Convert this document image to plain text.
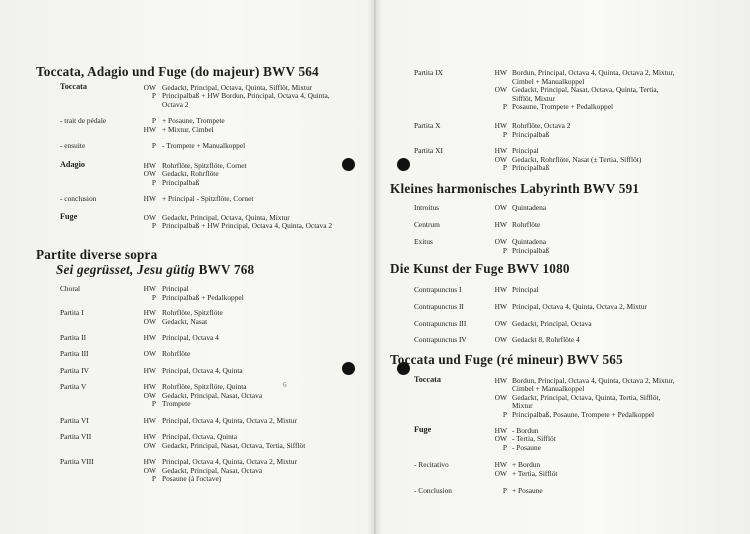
6
Toccata, Adagio und Fuge (do majeur) BWV 564
Partite diverse sopra
Sei gegrüsset, Jesu gütig BWV 768
Toccata	OW Gedackt, Principal, Octava, Quinta, Sifflöt, Mixtur
P Principalbaß + HW Bordun, Principal, Octava 4, Quinta,
Octava 2
- trait de pédale	P + Posaune, Trompete
HW + Mixtur, Cimbel
- ensuite	P - Trompete + Manualkoppel
Adagio	HW Rohrflöte, Spitzflöte, Cornet
OW Gedackt, Rohrflöte
P Principalbaß
- conclusion	HW + Principal - Spitzflöte, Cornet
Fuge	OW Gedackt, Principal, Octava, Quinta, Mixtur
P Principalbaß + HW Principal, Octava 4, Quinta, Octava 2
Choral	HW Principal
P Principalbaß + Pedalkoppel
Partita I	HW Rohrflöte, Spitzflöte
OW Gedackt, Nasat
Partita II	HW Principal, Octava 4
Partita III	OW Rohrflöte
Partita IV	HW Principal, Octava 4, Quinta
Partita V	HW Rohrflöte, Spitzflöte, Quinta
OW Gedackt, Principal, Nasat, Octava
P Trompete
Partita VI	HW Principal, Octava 4, Quinta, Octava 2, Mixtur
Partita VII	HW Principal, Octava, Quinta
OW Gedackt, Principal, Nasat, Octava, Tertia, Sifflöt
Partita VIII	HW Principal, Octava 4, Quinta, Octava 2, Mixtur
OW Gedackt, Principal, Nasat, Octava
P Posaune (à l'octave)
Partita IX	HW Bordun, Principal, Octava 4, Quinta, Octava 2, Mixtur,
Cimbel + Manualkoppel
OW Gedackt, Principal, Nasat, Octava, Quinta, Tertia,
Sifflöt, Mixtur
P Posaune, Trompete + Pedalkoppel
Partita X	HW Rohrflöte, Octava 2
P Principalbaß
Partita XI	HW Principal
OW Gedackt, Rohrflöte, Nasat (± Tertia, Sifflöt)
P Principalbaß
Kleines harmonisches Labyrinth BWV 591
Introitus	OW Quintadena
Centrum	HW Rohrflöte
Exitus	OW Quintadena
P Principalbaß
Die Kunst der Fuge BWV 1080
Contrapunctus I	HW Principal
Contrapunctus II	HW Principal, Octava 4, Quinta, Octava 2, Mixtur
Contrapunctus III	OW Gedackt, Principal, Octava
Contrapunctus IV	OW Gedackt 8, Rohrflöte 4
Toccata und Fuge (ré mineur) BWV 565
Toccata	HW Bordun, Principal, Octava 4, Quinta, Octava 2, Mixtur,
Cimbel + Manualkoppel
OW Gedackt, Principal, Octava, Quinta, Tertia, Sifflöt,
Mixtur
P Principalbaß, Posaune, Trompete + Pedalkoppel
Fuge	HW - Bordun
OW - Tertia, Sifflöt
P - Posaune
- Recitativo	HW + Bordun
OW + Tertia, Sifflöt
- Conclusion	P + Posaune
